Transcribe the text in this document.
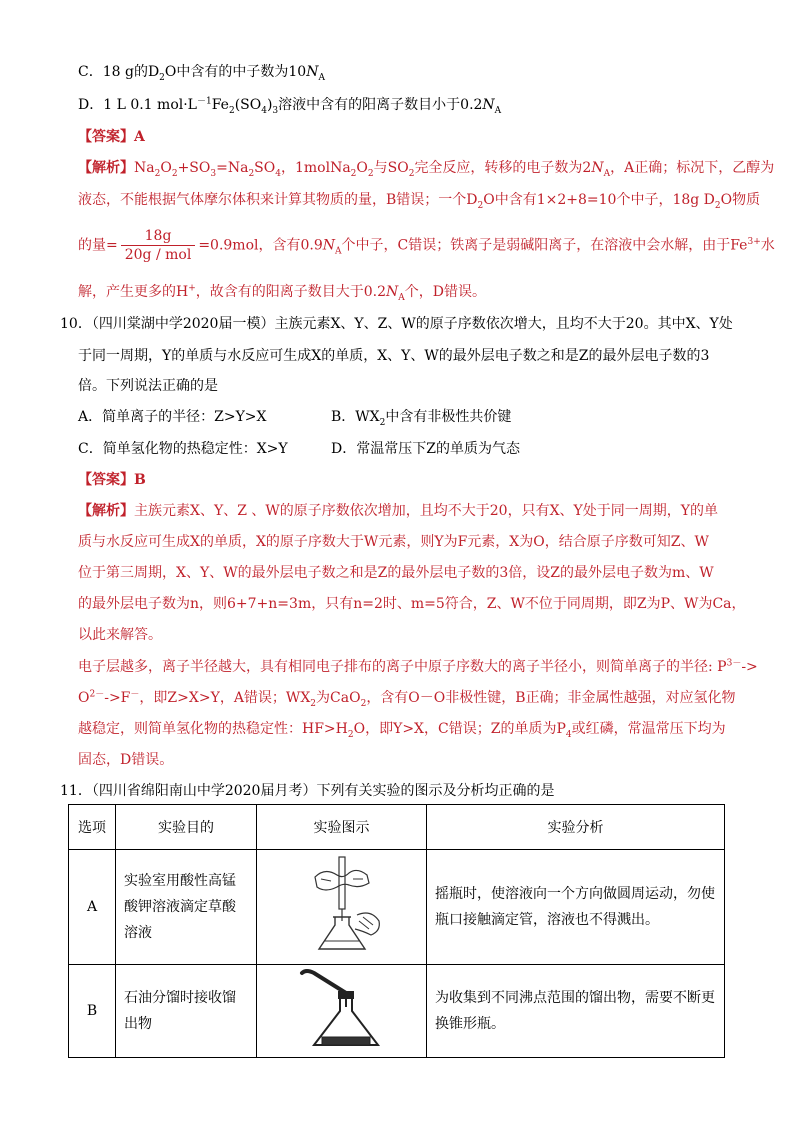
C．18 g的$D_2O$中含有的中子数为$10N_A$
D．1 L 0.1 $mol\cdot L^{-1}Fe_2(SO_4)_3$溶液中含有的阳离子数目小于$0.2N_A$
【答案】A
【解析】$Na_2O_2+SO_3=Na_2SO_4$，$1molNa_2O_2$与$SO_2$完全反应，转移的电子数为$2N_A$，A正确；标况下，乙醇为
液态，不能根据气体摩尔体积来计算其物质的量，B错误；一个$D_2O$中含有1×2+8=10个中子，18g $D_2O$物质
的量= $\frac{18g}{\text{20g / mol}} =0.9mol$，含有$0.9N_A$个中子，C错误；铁离子是弱碱阳离子，在溶液中会水解，由于$Fe^{3+}$水
解，产生更多的H+，故含有的阳离子数目大于$0.2N_A$个，D错误。
10．（四川棠湖中学2020届一模）主族元素X、Y、Z、W的原子序数依次增大，且均不大于20。其中X、Y处
于同一周期，Y的单质与水反应可生成X的单质，X、Y、W的最外层电子数之和是Z的最外层电子数的3
倍。下列说法正确的是
A．简单离子的半径：Z>Y>X	B．$WX_2$中含有非极性共价键
C．简单氢化物的热稳定性：X>Y	D．常温常压下Z的单质为气态
【答案】B
【解析】主族元素X、Y、Z 、W的原子序数依次增加，且均不大于20，只有X、Y处于同一周期，Y的单
质与水反应可生成X的单质，X的原子序数大于W元素，则Y为F元素，X为O，结合原子序数可知Z、W
位于第三周期，X、Y、W的最外层电子数之和是Z的最外层电子数的3倍，设Z的最外层电子数为m、W
的最外层电子数为n，则6+7+n=3m，只有n=2时、m=5符合，Z、W不位于同周期，即Z为P、W为Ca，
以此来解答。
电子层越多，离子半径越大，具有相同电子排布的离子中原子序数大的离子半径小，则简单离子的半径: $P^{3-}->$
$O^{2-}->F^-$，即Z>X>Y，A错误；$WX_2$为CaO$_2$，含有O－O非极性键，B正确；非金属性越强，对应氢化物
越稳定，则简单氢化物的热稳定性：$HF>H_2O$，即Y>X，C错误；Z的单质为$P_4$或红磷，常温常压下均为
固态，D错误。
11．（四川省绵阳南山中学2020届月考）下列有关实验的图示及分析均正确的是
选项	实验目的	实验图示	实验分析
A	实验室用酸性高锰酸钾溶液滴定草酸溶液		摇瓶时，使溶液向一个方向做圆周运动，勿使瓶口接触滴定管，溶液也不得溅出。

B	石油分馏时接收馏出物		为收集到不同沸点范围的馏出物，需要不断更换锥形瓶。
